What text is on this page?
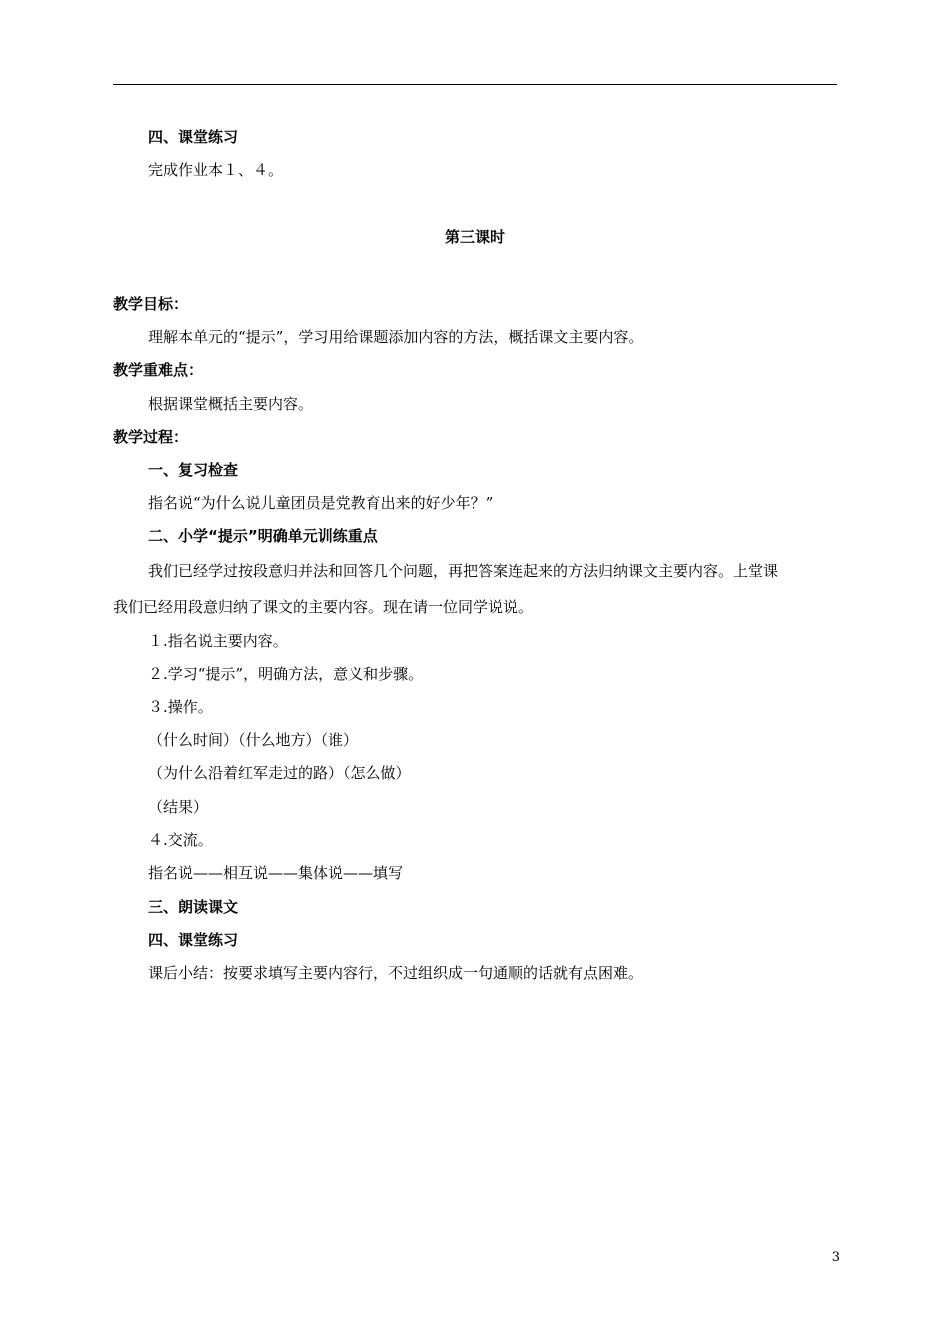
四、课堂练习
完成作业本１、４。
第三课时
教学目标：
理解本单元的“提示”，学习用给课题添加内容的方法，概括课文主要内容。
教学重难点：
根据课堂概括主要内容。
教学过程：
一、复习检查
指名说“为什么说儿童团员是党教育出来的好少年？”
二、小学“提示”明确单元训练重点
我们已经学过按段意归并法和回答几个问题，再把答案连起来的方法归纳课文主要内容。上堂课
我们已经用段意归纳了课文的主要内容。现在请一位同学说说。
１.指名说主要内容。
２.学习“提示”，明确方法，意义和步骤。
３.操作。
（什么时间）（什么地方）（谁）
（为什么沿着红军走过的路）（怎么做）
（结果）
４.交流。
指名说——相互说——集体说——填写
三、朗读课文
四、课堂练习
课后小结：按要求填写主要内容行，不过组织成一句通顺的话就有点困难。
3
